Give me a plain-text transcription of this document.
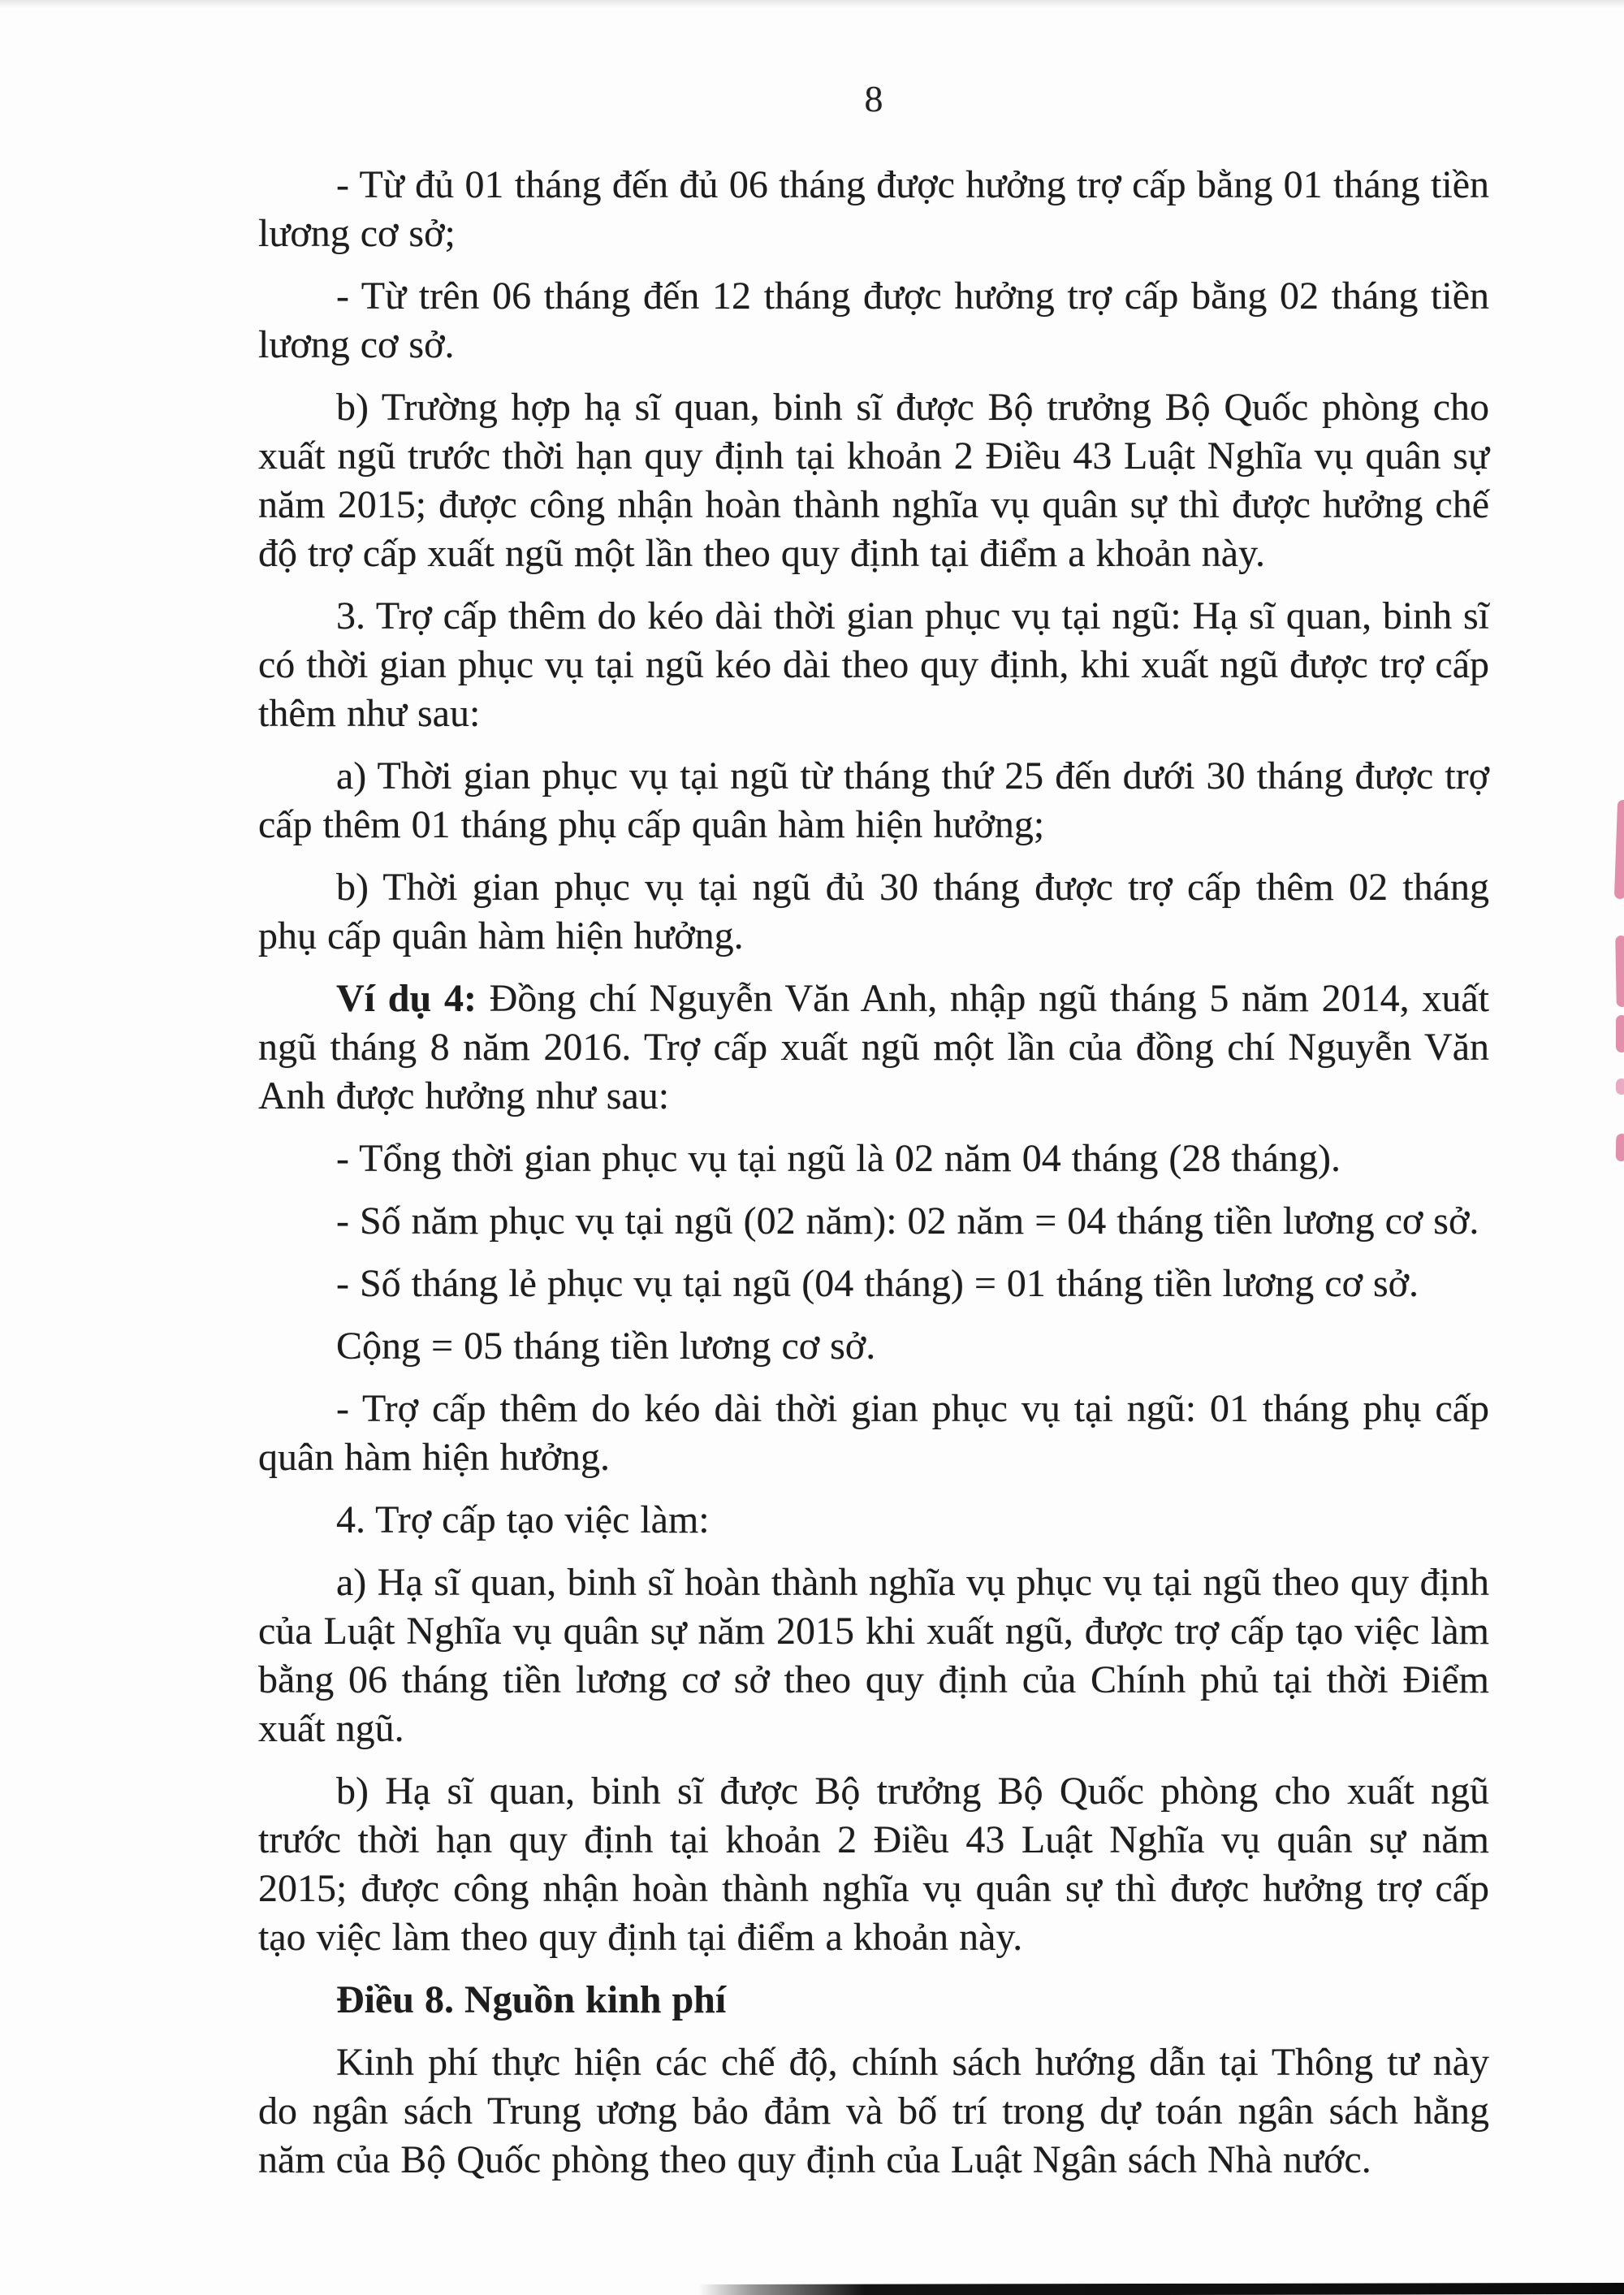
8

- Từ đủ 01 tháng đến đủ 06 tháng được hưởng trợ cấp bằng 01 tháng tiền lương cơ sở;

- Từ trên 06 tháng đến 12 tháng được hưởng trợ cấp bằng 02 tháng tiền lương cơ sở.

b) Trường hợp hạ sĩ quan, binh sĩ được Bộ trưởng Bộ Quốc phòng cho xuất ngũ trước thời hạn quy định tại khoản 2 Điều 43 Luật Nghĩa vụ quân sự năm 2015; được công nhận hoàn thành nghĩa vụ quân sự thì được hưởng chế độ trợ cấp xuất ngũ một lần theo quy định tại điểm a khoản này.

3. Trợ cấp thêm do kéo dài thời gian phục vụ tại ngũ: Hạ sĩ quan, binh sĩ có thời gian phục vụ tại ngũ kéo dài theo quy định, khi xuất ngũ được trợ cấp thêm như sau:

a) Thời gian phục vụ tại ngũ từ tháng thứ 25 đến dưới 30 tháng được trợ cấp thêm 01 tháng phụ cấp quân hàm hiện hưởng;

b) Thời gian phục vụ tại ngũ đủ 30 tháng được trợ cấp thêm 02 tháng phụ cấp quân hàm hiện hưởng.

Ví dụ 4: Đồng chí Nguyễn Văn Anh, nhập ngũ tháng 5 năm 2014, xuất ngũ tháng 8 năm 2016. Trợ cấp xuất ngũ một lần của đồng chí Nguyễn Văn Anh được hưởng như sau:

- Tổng thời gian phục vụ tại ngũ là 02 năm 04 tháng (28 tháng).

- Số năm phục vụ tại ngũ (02 năm): 02 năm = 04 tháng tiền lương cơ sở.

- Số tháng lẻ phục vụ tại ngũ (04 tháng) = 01 tháng tiền lương cơ sở.

Cộng = 05 tháng tiền lương cơ sở.

- Trợ cấp thêm do kéo dài thời gian phục vụ tại ngũ: 01 tháng phụ cấp quân hàm hiện hưởng.

4. Trợ cấp tạo việc làm:

a) Hạ sĩ quan, binh sĩ hoàn thành nghĩa vụ phục vụ tại ngũ theo quy định của Luật Nghĩa vụ quân sự năm 2015 khi xuất ngũ, được trợ cấp tạo việc làm bằng 06 tháng tiền lương cơ sở theo quy định của Chính phủ tại thời Điểm xuất ngũ.

b) Hạ sĩ quan, binh sĩ được Bộ trưởng Bộ Quốc phòng cho xuất ngũ trước thời hạn quy định tại khoản 2 Điều 43 Luật Nghĩa vụ quân sự năm 2015; được công nhận hoàn thành nghĩa vụ quân sự thì được hưởng trợ cấp tạo việc làm theo quy định tại điểm a khoản này.

Điều 8. Nguồn kinh phí

Kinh phí thực hiện các chế độ, chính sách hướng dẫn tại Thông tư này do ngân sách Trung ương bảo đảm và bố trí trong dự toán ngân sách hằng năm của Bộ Quốc phòng theo quy định của Luật Ngân sách Nhà nước.
